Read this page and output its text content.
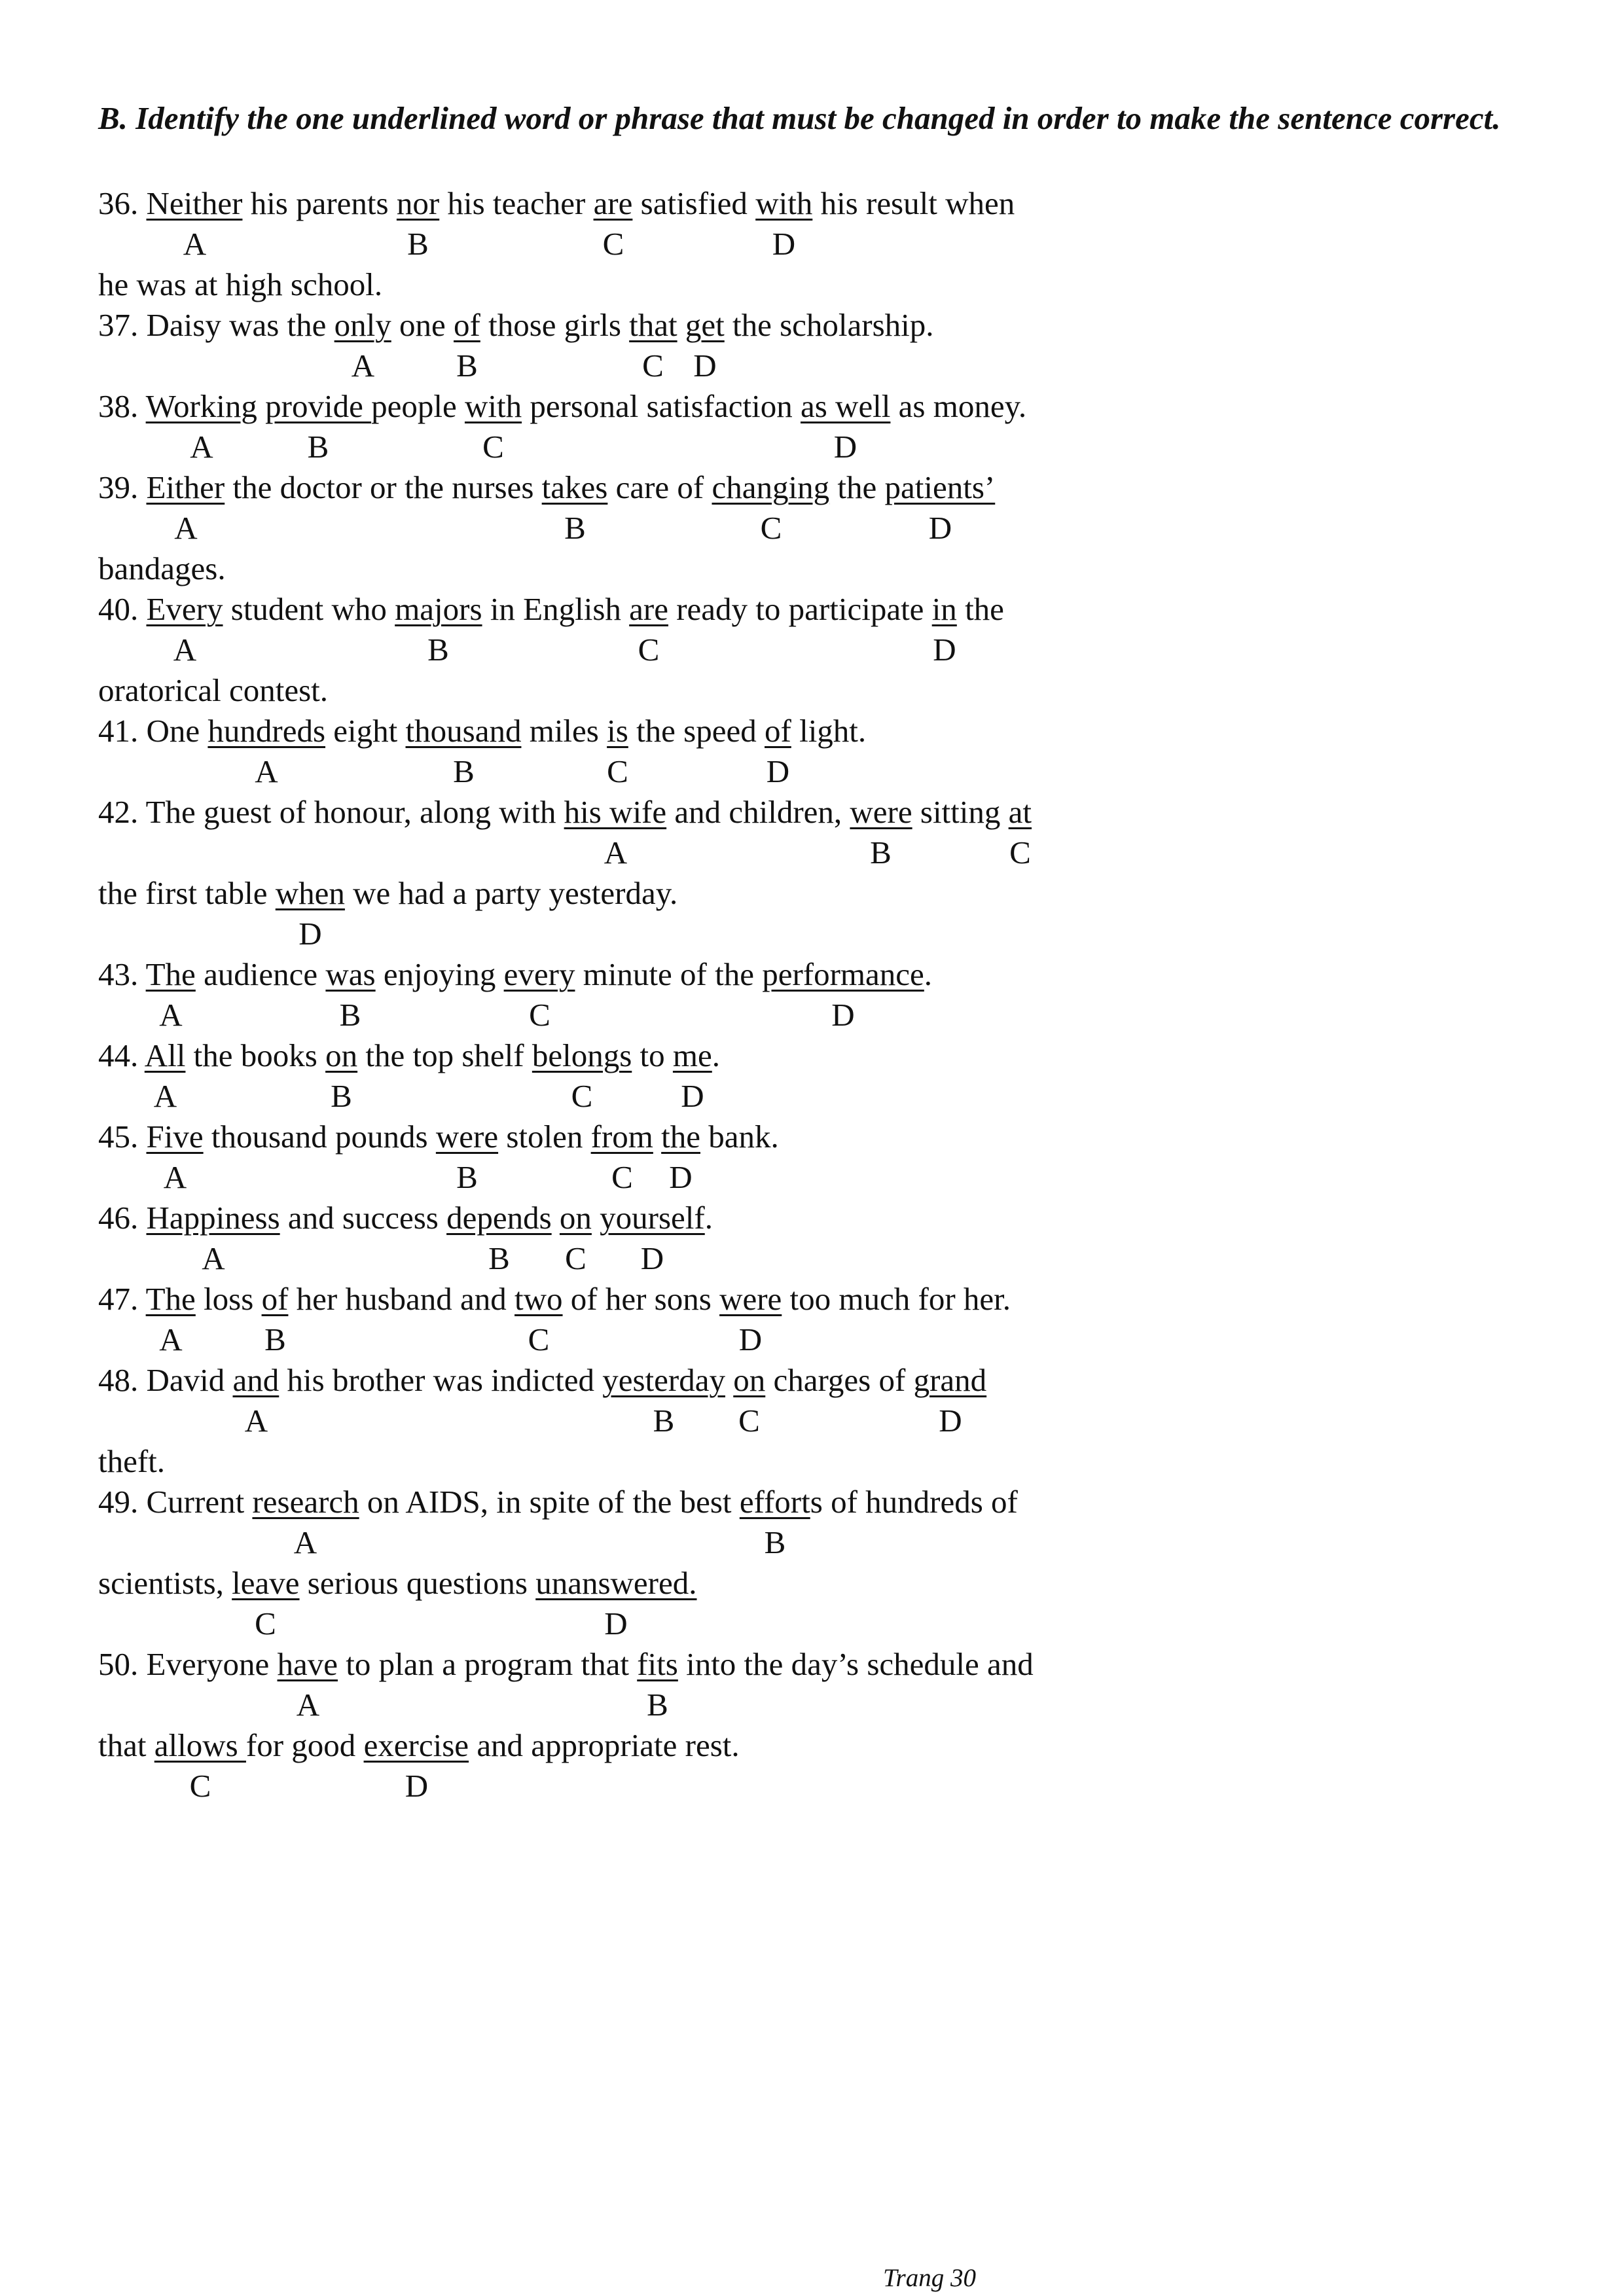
B. Identify the one underlined word or phrase that must be changed in order to make the sentence correct.
36. Neither his parents nor his teacher are satisfied with his result when
A	B	C	D
he was at high school.
37. Daisy was the only one of those girls that get the scholarship.
A	B	C D
38. Working provide people with personal satisfaction as well as money.
A	B	C	D
39. Either the doctor or the nurses takes care of changing the patients’
A	B	C	D
bandages.
40. Every student who majors in English are ready to participate in the
A	B	C	D
oratorical contest.
41. One hundreds eight thousand miles is the speed of light.
A	B	C	D
42. The guest of honour, along with his wife and children, were sitting at
A	B	C
the first table when we had a party yesterday.
D
43. The audience was enjoying every minute of the performance.
A	B	C	D
44. All the books on the top shelf belongs to me.
A	B	C	D
45. Five thousand pounds were stolen from the bank.
A	B	C D
46. Happiness and success depends on yourself.
A	B C D
47. The loss of her husband and two of her sons were too much for her.
A	B	C	D
48. David and his brother was indicted yesterday on charges of grand
A	B C	D
theft.
49. Current research on AIDS, in spite of the best efforts of hundreds of
A	B
scientists, leave serious questions unanswered.
C	D
50. Everyone have to plan a program that fits into the day’s schedule and
A	B
that allows for good exercise and appropriate rest.
C	D
Trang 30
